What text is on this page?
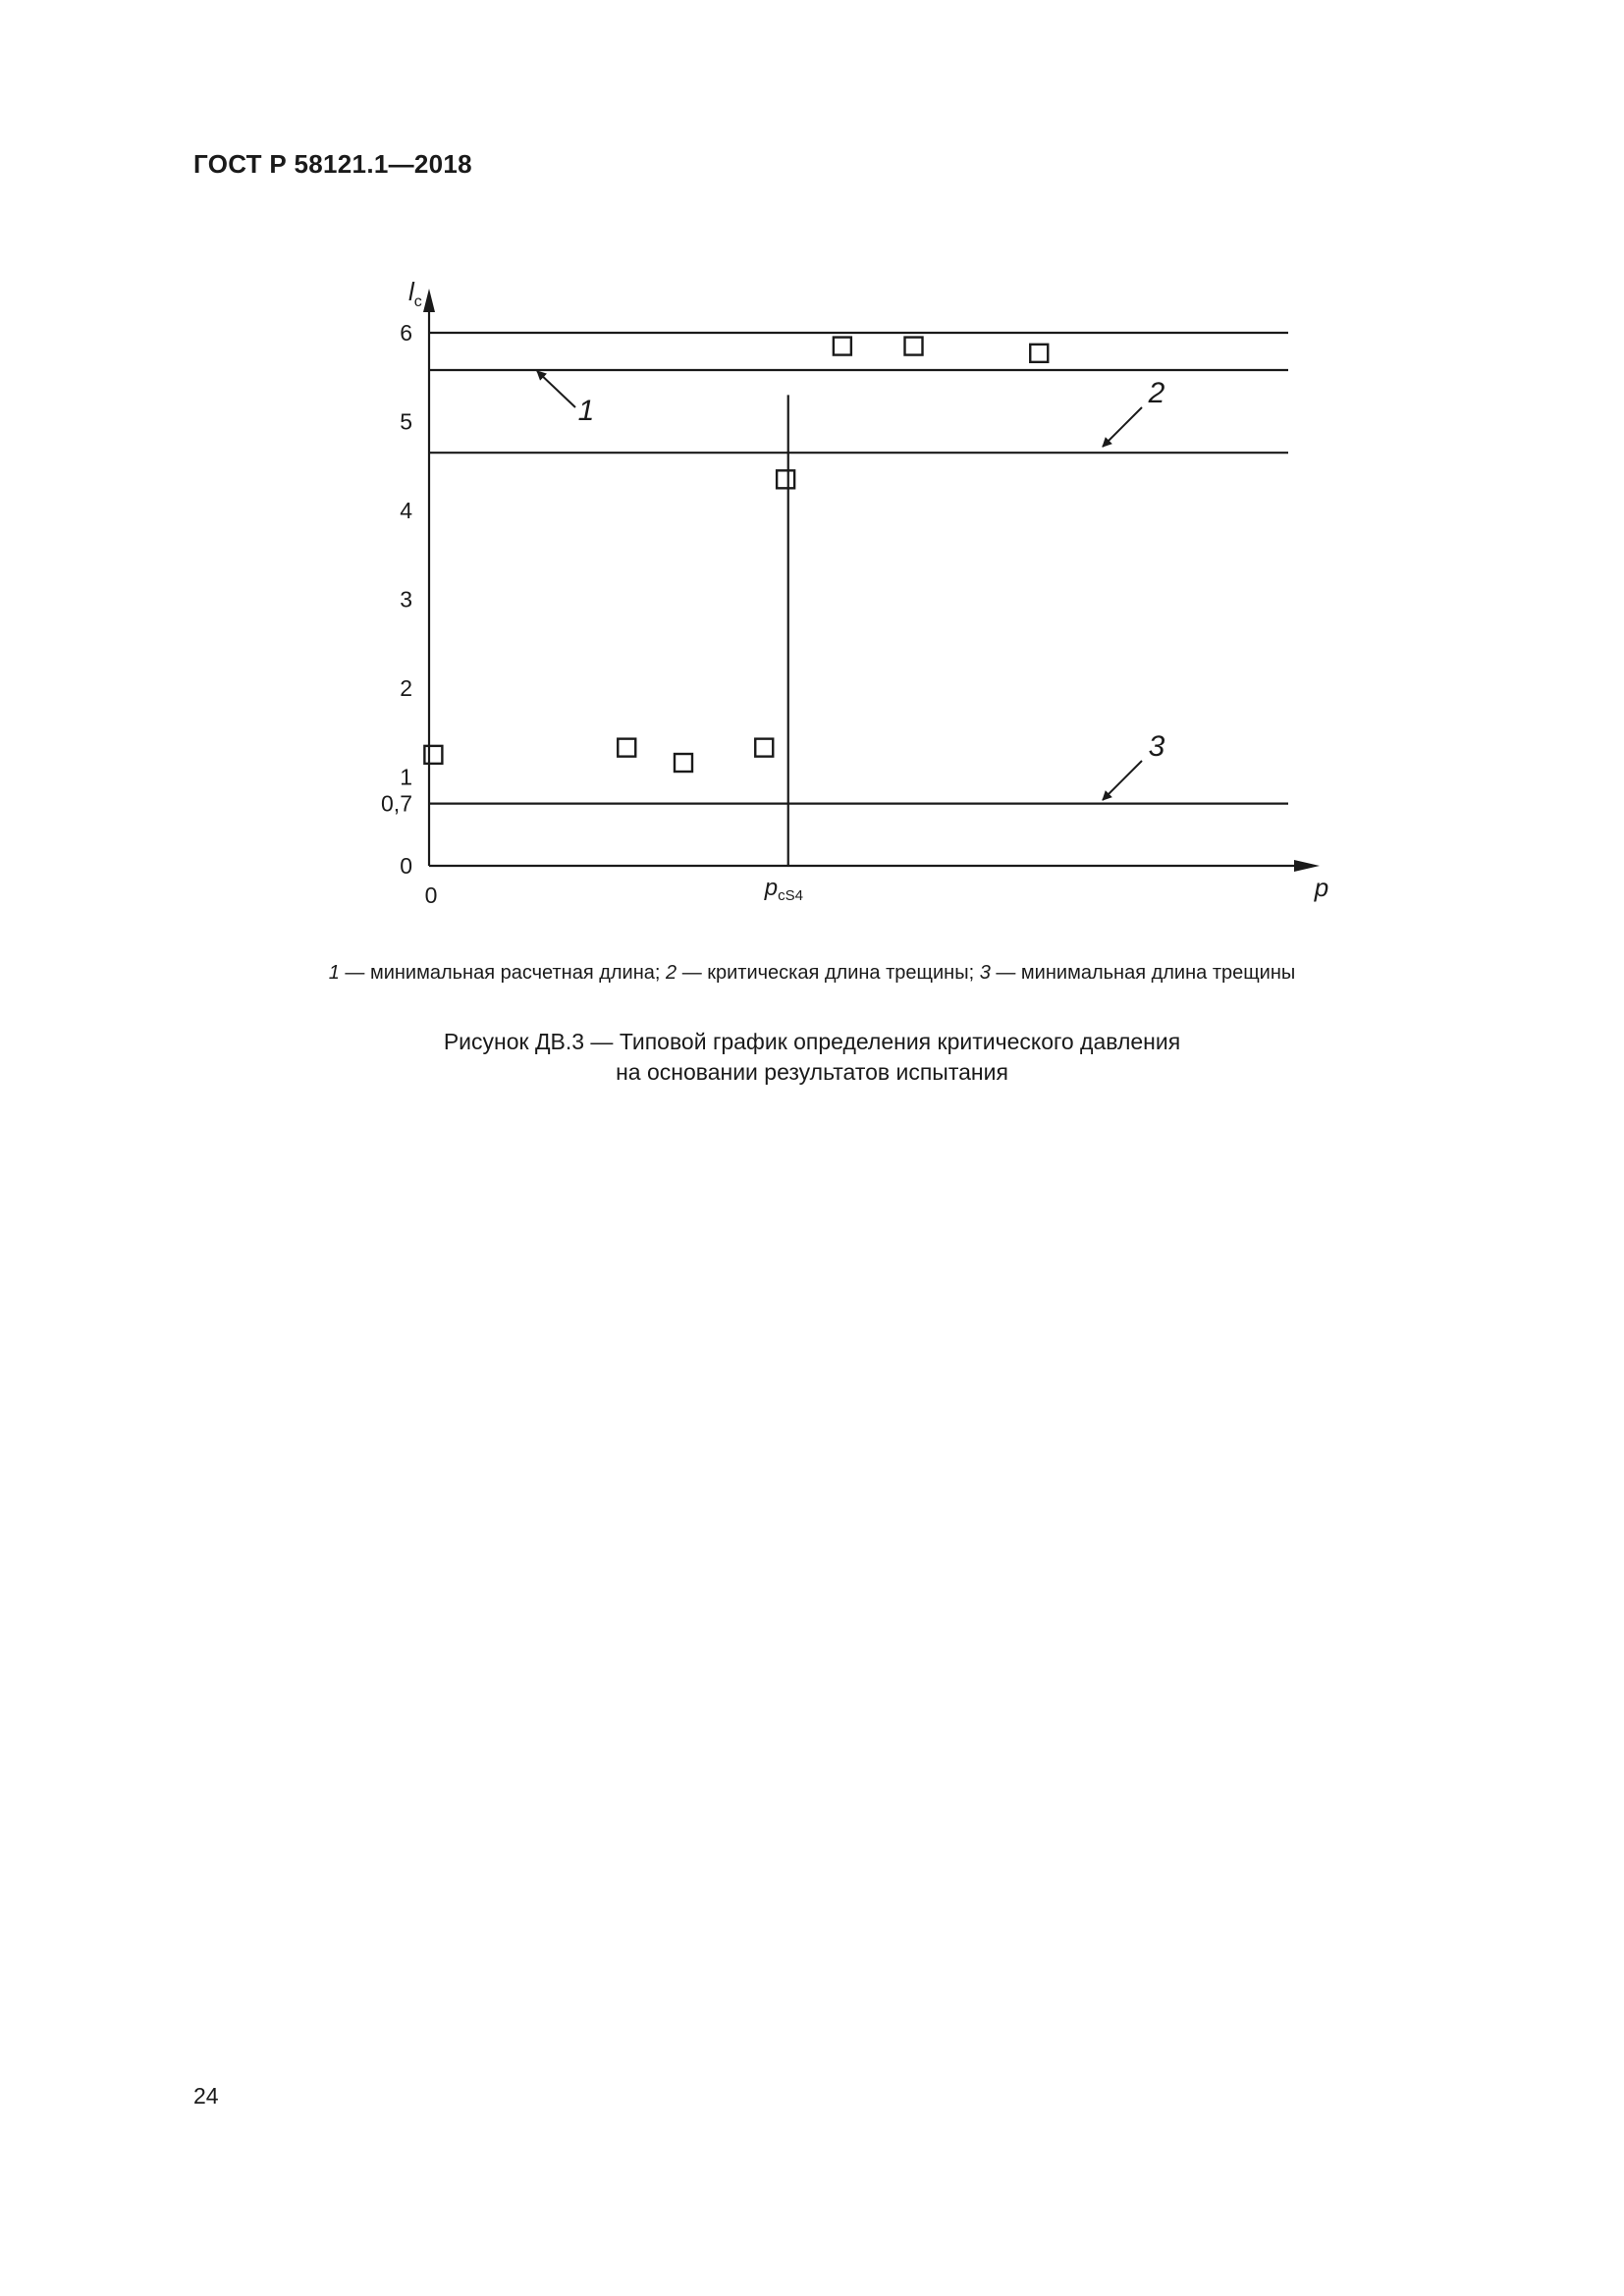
ГОСТ Р 58121.1—2018
$p_{cS4}$
0
0,7
1
2
3
4
5
6
1
2
3
0	p
$l_c$
1 — минимальная расчетная длина; 2 — критическая длина трещины; 3 — минимальная длина трещины
Рисунок ДВ.3 — Типовой график определения критического давления
на основании результатов испытания
24
